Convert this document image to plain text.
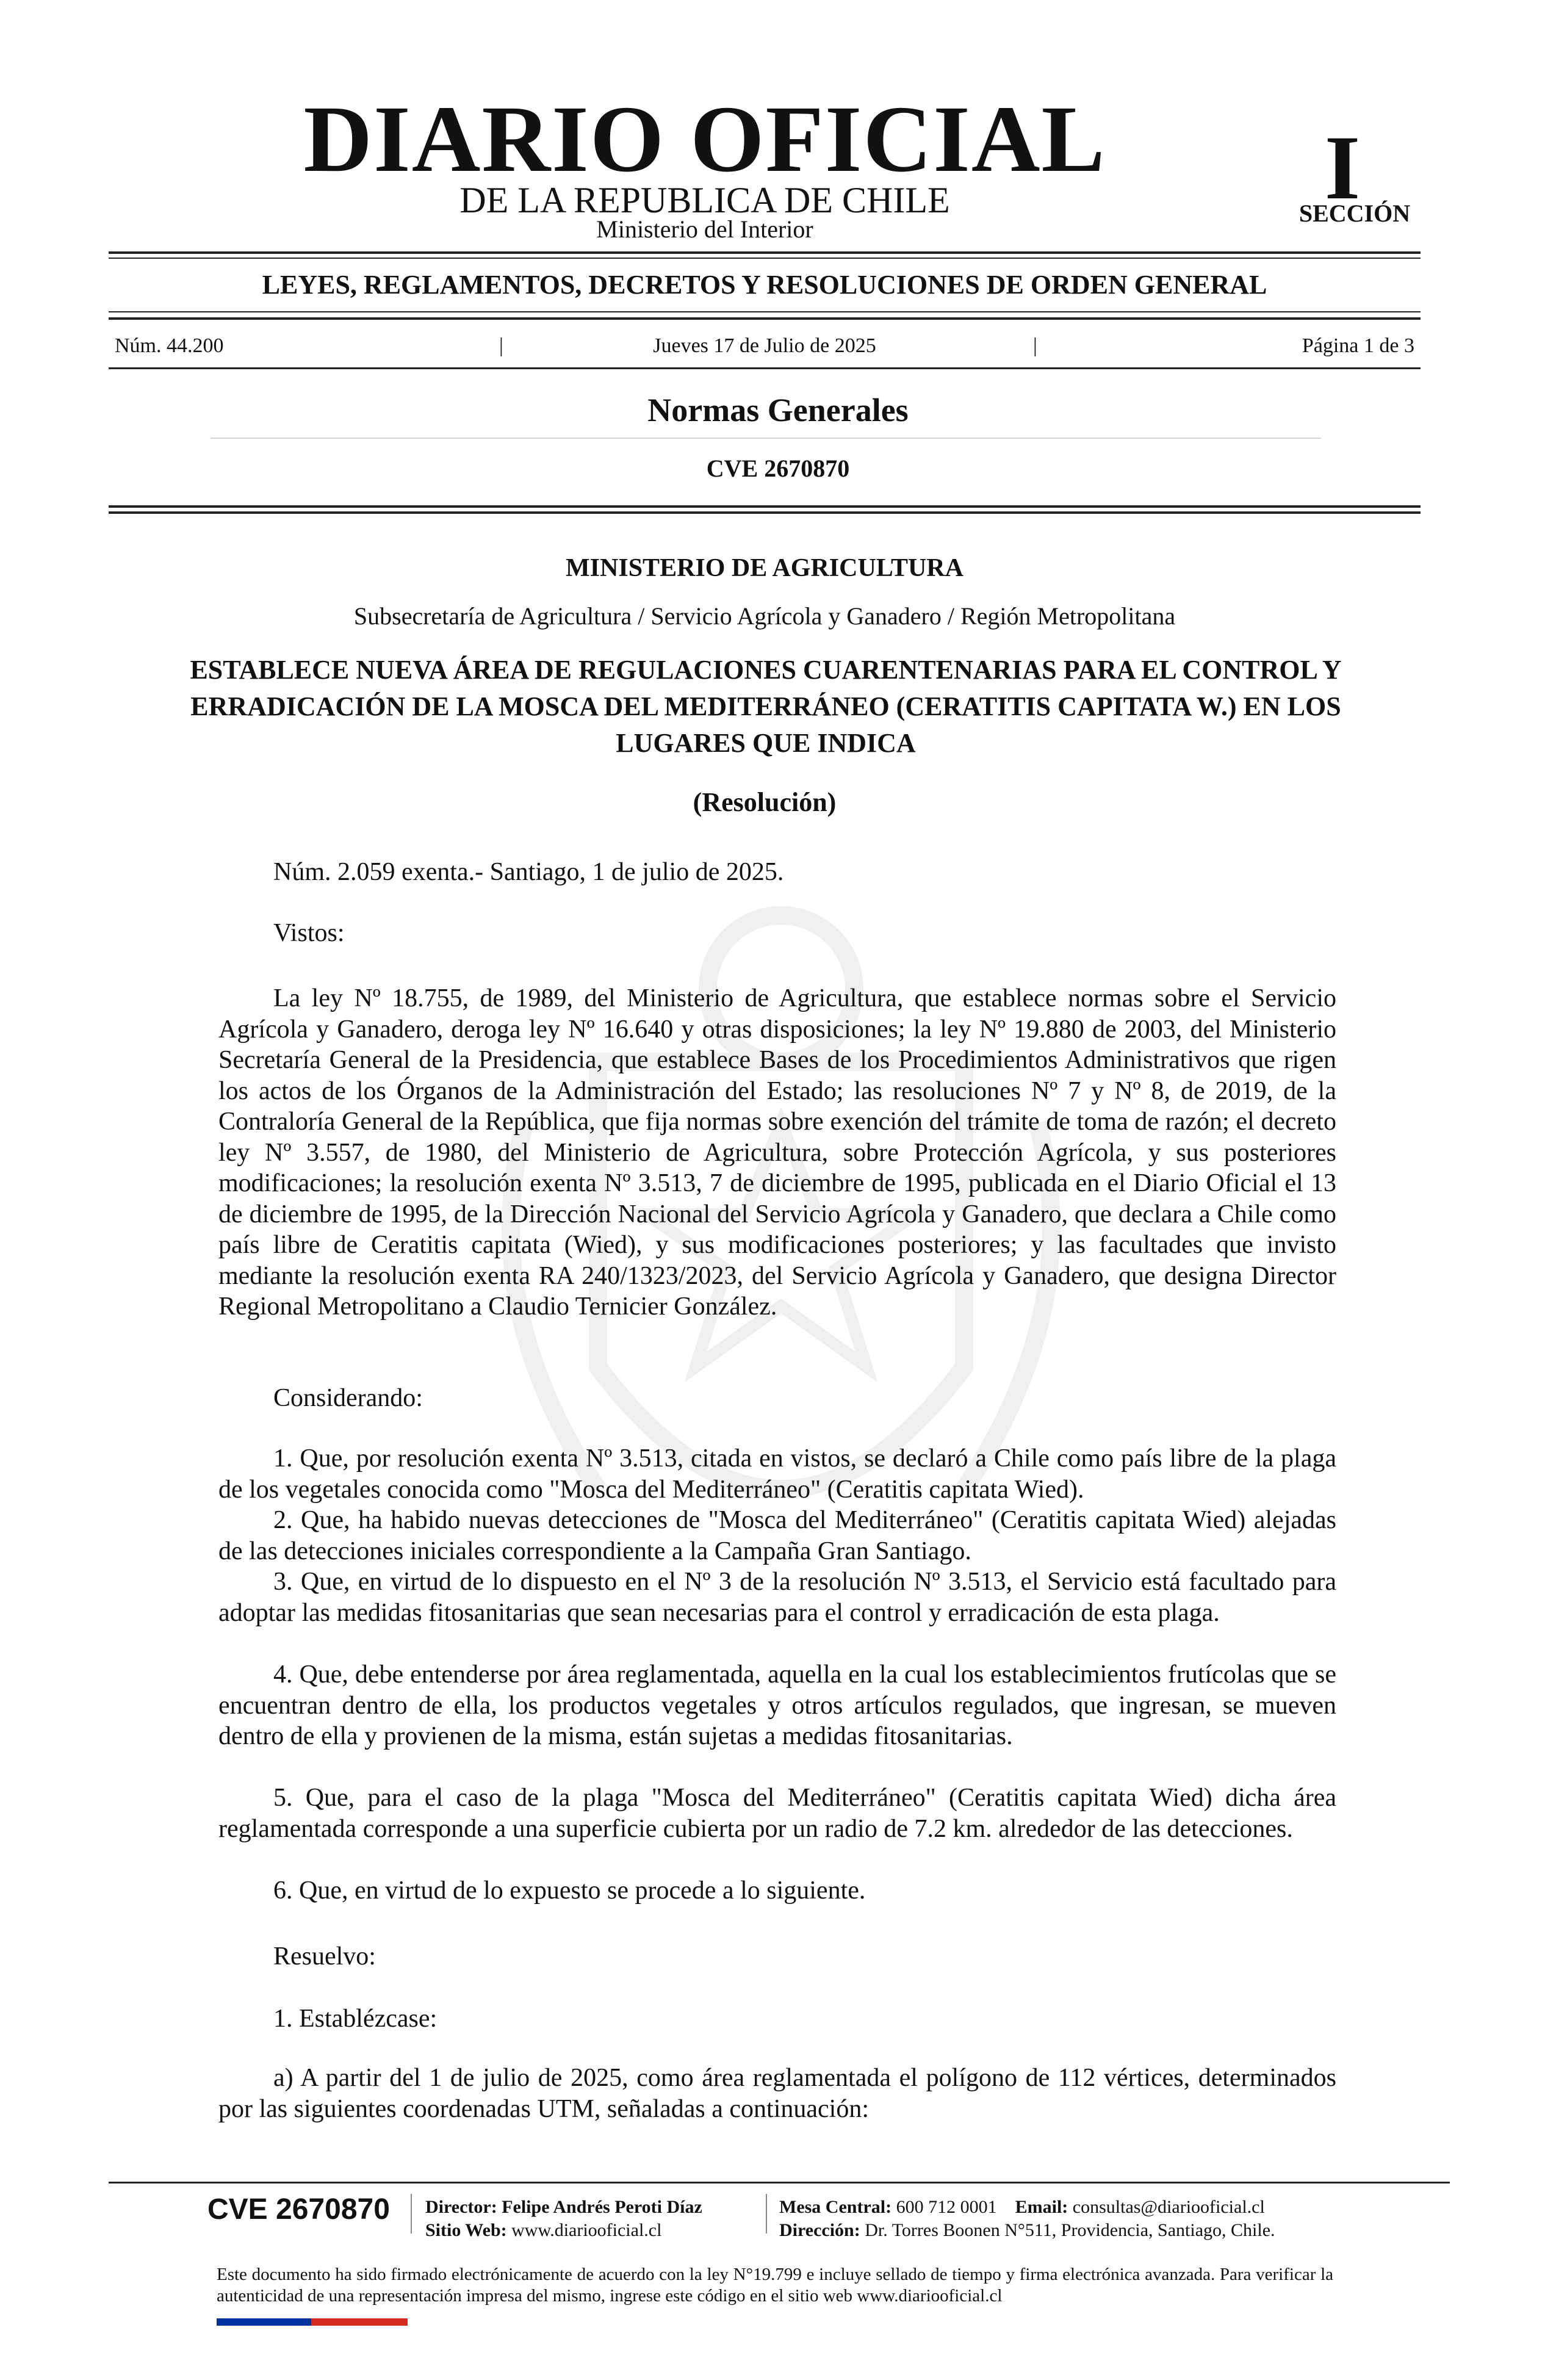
DIARIO OFICIAL
DE LA REPUBLICA DE CHILE
Ministerio del Interior
I
SECCIÓN
LEYES, REGLAMENTOS, DECRETOS Y RESOLUCIONES DE ORDEN GENERAL
Núm. 44.200	|	Jueves 17 de Julio de 2025	|	Página 1 de 3
Normas Generales
CVE 2670870
MINISTERIO DE AGRICULTURA
Subsecretaría de Agricultura / Servicio Agrícola y Ganadero / Región Metropolitana
ESTABLECE NUEVA ÁREA DE REGULACIONES CUARENTENARIAS PARA EL CONTROL Y ERRADICACIÓN DE LA MOSCA DEL MEDITERRÁNEO (CERATITIS CAPITATA W.) EN LOS LUGARES QUE INDICA
(Resolución)
Núm. 2.059 exenta.- Santiago, 1 de julio de 2025.
Vistos:
La ley Nº 18.755, de 1989, del Ministerio de Agricultura, que establece normas sobre el Servicio Agrícola y Ganadero, deroga ley Nº 16.640 y otras disposiciones; la ley Nº 19.880 de 2003, del Ministerio Secretaría General de la Presidencia, que establece Bases de los Procedimientos Administrativos que rigen los actos de los Órganos de la Administración del Estado; las resoluciones Nº 7 y Nº 8, de 2019, de la Contraloría General de la República, que fija normas sobre exención del trámite de toma de razón; el decreto ley Nº 3.557, de 1980, del Ministerio de Agricultura, sobre Protección Agrícola, y sus posteriores modificaciones; la resolución exenta Nº 3.513, 7 de diciembre de 1995, publicada en el Diario Oficial el 13 de diciembre de 1995, de la Dirección Nacional del Servicio Agrícola y Ganadero, que declara a Chile como país libre de Ceratitis capitata (Wied), y sus modificaciones posteriores; y las facultades que invisto mediante la resolución exenta RA 240/1323/2023, del Servicio Agrícola y Ganadero, que designa Director Regional Metropolitano a Claudio Ternicier González.
Considerando:
1. Que, por resolución exenta Nº 3.513, citada en vistos, se declaró a Chile como país libre de la plaga de los vegetales conocida como "Mosca del Mediterráneo" (Ceratitis capitata Wied).
2. Que, ha habido nuevas detecciones de "Mosca del Mediterráneo" (Ceratitis capitata Wied) alejadas de las detecciones iniciales correspondiente a la Campaña Gran Santiago.
3. Que, en virtud de lo dispuesto en el Nº 3 de la resolución Nº 3.513, el Servicio está facultado para adoptar las medidas fitosanitarias que sean necesarias para el control y erradicación de esta plaga.
4. Que, debe entenderse por área reglamentada, aquella en la cual los establecimientos frutícolas que se encuentran dentro de ella, los productos vegetales y otros artículos regulados, que ingresan, se mueven dentro de ella y provienen de la misma, están sujetas a medidas fitosanitarias.
5. Que, para el caso de la plaga "Mosca del Mediterráneo" (Ceratitis capitata Wied) dicha área reglamentada corresponde a una superficie cubierta por un radio de 7.2 km. alrededor de las detecciones.
6. Que, en virtud de lo expuesto se procede a lo siguiente.
Resuelvo:
1. Establézcase:
a) A partir del 1 de julio de 2025, como área reglamentada el polígono de 112 vértices, determinados por las siguientes coordenadas UTM, señaladas a continuación:
CVE 2670870 Director: Felipe Andrés Peroti Díaz
Sitio Web: www.diariooficial.cl
Mesa Central: 600 712 0001 Email: consultas@diariooficial.cl
Dirección: Dr. Torres Boonen N°511, Providencia, Santiago, Chile.
Este documento ha sido firmado electrónicamente de acuerdo con la ley N°19.799 e incluye sellado de tiempo y firma electrónica avanzada. Para verificar la autenticidad de una representación impresa del mismo, ingrese este código en el sitio web www.diariooficial.cl
